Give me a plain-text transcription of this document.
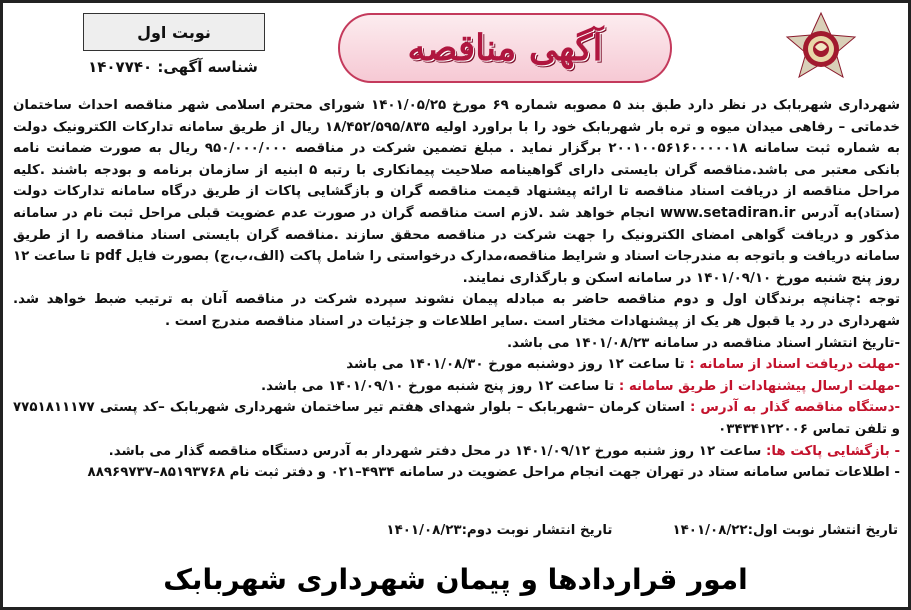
نوبت اول
شناسه آگهی:

۱۴۰۷۷۴۰	آگهی مناقصه

شهرداری شهربابک در نظر دارد طبق بند ۵ مصوبه شماره ۶۹ مورخ ۱۴۰۱/۰۵/۲۵ شورای محترم اسلامی شهر مناقصه احداث ساختمان خدماتی – رفاهی میدان میوه و تره بار شهربابک خود را با براورد اولیه ۱۸/۴۵۲/۵۹۵/۸۳۵ ریال از طریق سامانه تدارکات الکترونیک دولت به شماره ثبت سامانه ۲۰۰۱۰۰۵۶۱۶۰۰۰۰۰۱۸ برگزار نماید . مبلغ تضمین شرکت در مناقصه ۹۵۰/۰۰۰/۰۰۰ ریال به صورت ضمانت نامه بانکی معتبر می باشد.مناقصه گران بایستی دارای گواهینامه صلاحیت پیمانکاری با رتبه ۵ ابنیه از سازمان برنامه و بودجه باشند .کلیه مراحل مناقصه از دریافت اسناد مناقصه تا ارائه پیشنهاد قیمت مناقصه گران و بازگشایی پاکات از طریق درگاه سامانه تدارکات دولت (ستاد)به آدرس www.setadiran.ir انجام خواهد شد .لازم است مناقصه گران در صورت عدم عضویت قبلی مراحل ثبت نام در سامانه مذکور و دریافت گواهی امضای الکترونیک را جهت شرکت در مناقصه محقق سازند .مناقصه گران بایستی اسناد مناقصه را از طریق سامانه دریافت و باتوجه به مندرجات اسناد و شرایط مناقصه،مدارک درخواستی را شامل پاکت (الف،ب،ج) بصورت فایل pdf تا ساعت ۱۲ روز پنج شنبه مورخ ۱۴۰۱/۰۹/۱۰ در سامانه اسکن و بارگذاری نمایند.

توجه :چنانچه برندگان اول و دوم مناقصه حاضر به مبادله پیمان نشوند سپرده شرکت در مناقصه آنان به ترتیب ضبط خواهد شد. شهرداری در رد یا قبول هر یک از پیشنهادات مختار است .سایر اطلاعات و جزئیات در اسناد مناقصه مندرج است .

-تاریخ انتشار اسناد مناقصه در سامانه ۱۴۰۱/۰۸/۲۳ می باشد.

-مهلت دریافت اسناد از سامانه : تا ساعت ۱۲ روز دوشنبه مورخ ۱۴۰۱/۰۸/۳۰ می باشد

-مهلت ارسال پیشنهادات از طریق سامانه : تا ساعت ۱۲ روز پنج شنبه مورخ ۱۴۰۱/۰۹/۱۰ می باشد.

-دستگاه مناقصه گذار به آدرس : استان کرمان –شهربابک – بلوار شهدای هفتم تیر ساختمان شهرداری شهربابک –کد پستی ۷۷۵۱۸۱۱۱۷۷ و تلفن تماس ۰۳۴۳۴۱۲۲۰۰۶

- بازگشایی پاکت ها: ساعت ۱۲ روز شنبه مورخ ۱۴۰۱/۰۹/۱۲ در محل دفتر شهردار به آدرس دستگاه مناقصه گذار می باشد.

- اطلاعات تماس سامانه ستاد در تهران جهت انجام مراحل عضویت در سامانه ۴۹۳۴–۰۲۱ و دفتر ثبت نام ۸۵۱۹۳۷۶۸–۸۸۹۶۹۷۳۷

تاریخ انتشار نوبت اول:۱۴۰۱/۰۸/۲۲
تاریخ انتشار نوبت دوم:۱۴۰۱/۰۸/۲۳
امور قراردادها و پیمان شهرداری شهربابک
